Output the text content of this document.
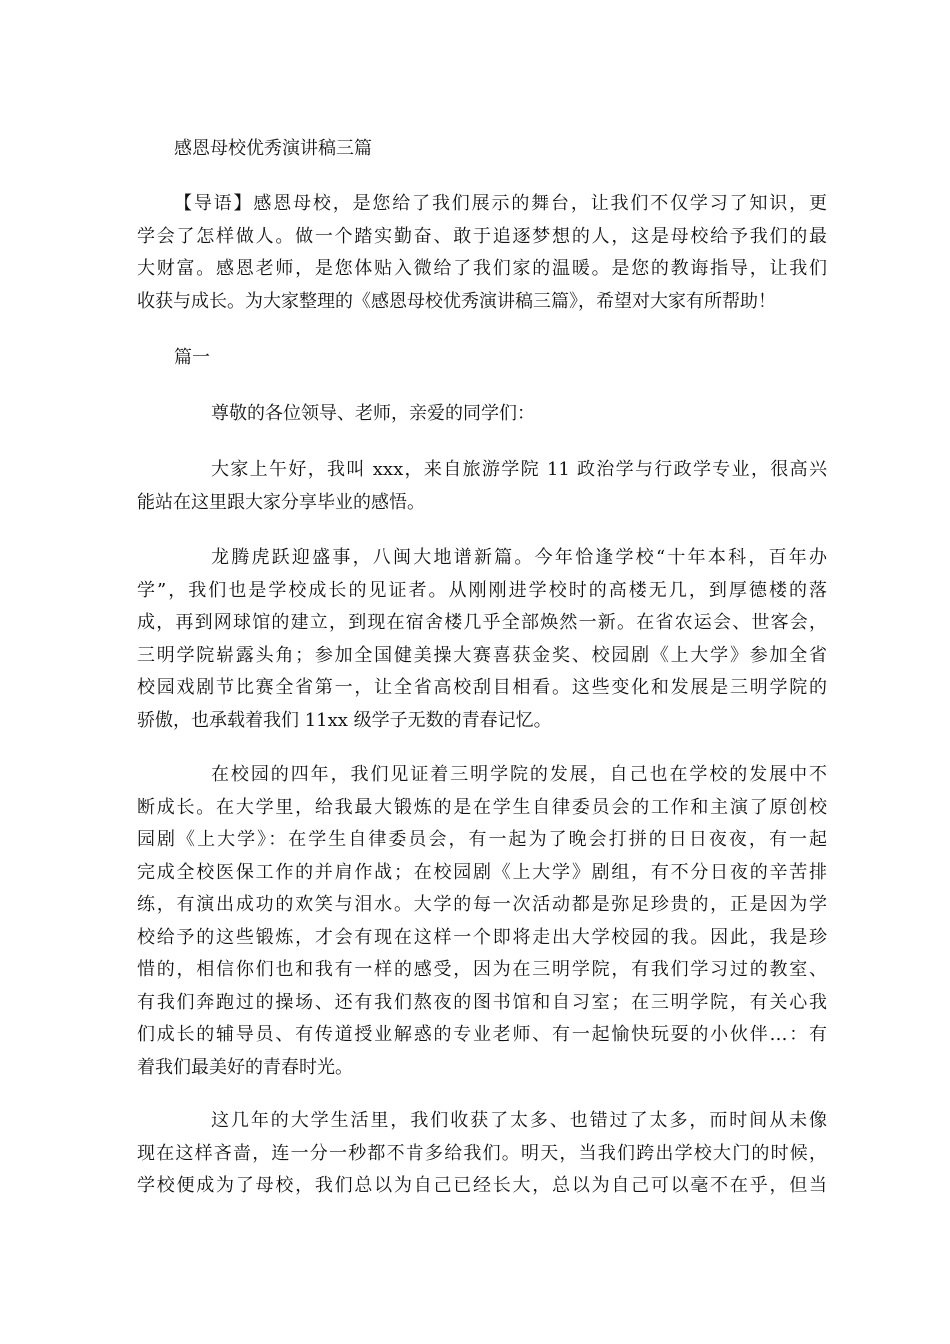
感恩母校优秀演讲稿三篇
【导语】感恩母校，是您给了我们展示的舞台，让我们不仅学习了知识，更
学会了怎样做人。做一个踏实勤奋、敢于追逐梦想的人，这是母校给予我们的最
大财富。感恩老师，是您体贴入微给了我们家的温暖。是您的教诲指导，让我们
收获与成长。为大家整理的《感恩母校优秀演讲稿三篇》，希望对大家有所帮助！
篇一

尊敬的各位领导、老师，亲爱的同学们：

大家上午好，我叫 xxx，来自旅游学院 11 政治学与行政学专业，很高兴
能站在这里跟大家分享毕业的感悟。
龙腾虎跃迎盛事，八闽大地谱新篇。今年恰逢学校“十年本科，百年办
学”，我们也是学校成长的见证者。从刚刚进学校时的高楼无几，到厚德楼的落
成，再到网球馆的建立，到现在宿舍楼几乎全部焕然一新。在省农运会、世客会，
三明学院崭露头角；参加全国健美操大赛喜获金奖、校园剧《上大学》参加全省
校园戏剧节比赛全省第一，让全省高校刮目相看。这些变化和发展是三明学院的
骄傲，也承载着我们 11xx 级学子无数的青春记忆。
在校园的四年，我们见证着三明学院的发展，自己也在学校的发展中不
断成长。在大学里，给我最大锻炼的是在学生自律委员会的工作和主演了原创校
园剧《上大学》：在学生自律委员会，有一起为了晚会打拼的日日夜夜，有一起
完成全校医保工作的并肩作战；在校园剧《上大学》剧组，有不分日夜的辛苦排
练，有演出成功的欢笑与泪水。大学的每一次活动都是弥足珍贵的，正是因为学
校给予的这些锻炼，才会有现在这样一个即将走出大学校园的我。因此，我是珍
惜的，相信你们也和我有一样的感受，因为在三明学院，有我们学习过的教室、
有我们奔跑过的操场、还有我们熬夜的图书馆和自习室；在三明学院，有关心我
们成长的辅导员、有传道授业解惑的专业老师、有一起愉快玩耍的小伙伴…：有
着我们最美好的青春时光。
这几年的大学生活里，我们收获了太多、也错过了太多，而时间从未像
现在这样吝啬，连一分一秒都不肯多给我们。明天，当我们跨出学校大门的时候，
学校便成为了母校，我们总以为自己已经长大，总以为自己可以毫不在乎，但当
